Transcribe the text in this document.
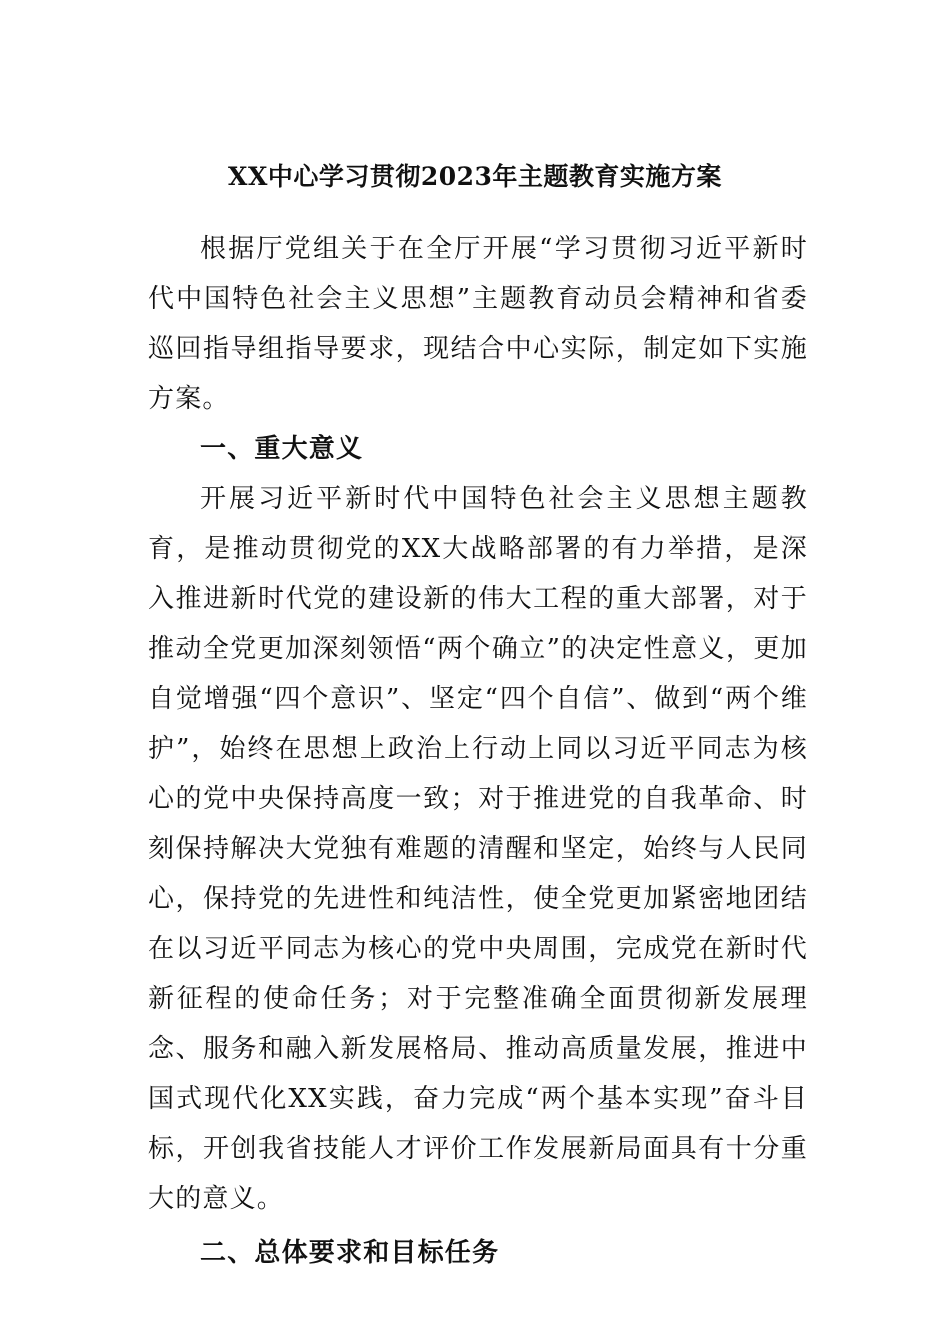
XX中心学习贯彻2023年主题教育实施方案

根据厅党组关于在全厅开展“学习贯彻习近平新时代中国特色社会主义思想”主题教育动员会精神和省委巡回指导组指导要求，现结合中心实际，制定如下实施方案。

一、重大意义

开展习近平新时代中国特色社会主义思想主题教育，是推动贯彻党的XX大战略部署的有力举措，是深入推进新时代党的建设新的伟大工程的重大部署，对于推动全党更加深刻领悟“两个确立”的决定性意义，更加自觉增强“四个意识”、坚定“四个自信”、做到“两个维护”，始终在思想上政治上行动上同以习近平同志为核心的党中央保持高度一致；对于推进党的自我革命、时刻保持解决大党独有难题的清醒和坚定，始终与人民同心，保持党的先进性和纯洁性，使全党更加紧密地团结在以习近平同志为核心的党中央周围，完成党在新时代新征程的使命任务；对于完整准确全面贯彻新发展理念、服务和融入新发展格局、推动高质量发展，推进中国式现代化XX实践，奋力完成“两个基本实现”奋斗目标，开创我省技能人才评价工作发展新局面具有十分重大的意义。

二、总体要求和目标任务
